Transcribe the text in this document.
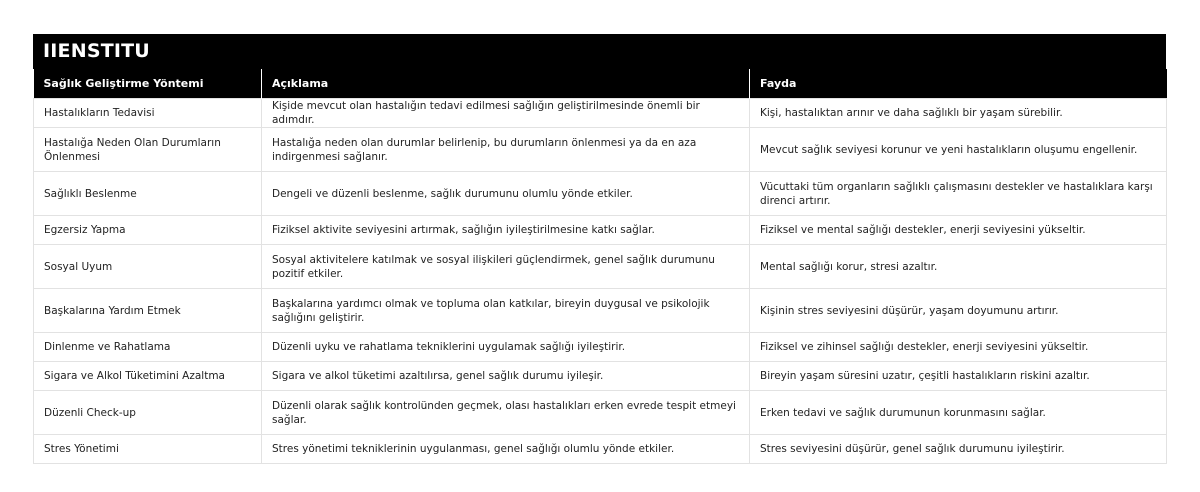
IIENSTITU
Sağlık Geliştirme Yöntemi	Açıklama	Fayda
Hastalıkların Tedavisi	Kişide mevcut olan hastalığın tedavi edilmesi sağlığın geliştirilmesinde önemli bir adımdır.	Kişi, hastalıktan arınır ve daha sağlıklı bir yaşam sürebilir.
Hastalığa Neden Olan Durumların Önlenmesi	Hastalığa neden olan durumlar belirlenip, bu durumların önlenmesi ya da en aza indirgenmesi sağlanır.	Mevcut sağlık seviyesi korunur ve yeni hastalıkların oluşumu engellenir.
Sağlıklı Beslenme	Dengeli ve düzenli beslenme, sağlık durumunu olumlu yönde etkiler.	Vücuttaki tüm organların sağlıklı çalışmasını destekler ve hastalıklara karşı direnci artırır.
Egzersiz Yapma	Fiziksel aktivite seviyesini artırmak, sağlığın iyileştirilmesine katkı sağlar.	Fiziksel ve mental sağlığı destekler, enerji seviyesini yükseltir.
Sosyal Uyum	Sosyal aktivitelere katılmak ve sosyal ilişkileri güçlendirmek, genel sağlık durumunu pozitif etkiler.	Mental sağlığı korur, stresi azaltır.
Başkalarına Yardım Etmek	Başkalarına yardımcı olmak ve topluma olan katkılar, bireyin duygusal ve psikolojik sağlığını geliştirir.	Kişinin stres seviyesini düşürür, yaşam doyumunu artırır.
Dinlenme ve Rahatlama	Düzenli uyku ve rahatlama tekniklerini uygulamak sağlığı iyileştirir.	Fiziksel ve zihinsel sağlığı destekler, enerji seviyesini yükseltir.
Sigara ve Alkol Tüketimini Azaltma	Sigara ve alkol tüketimi azaltılırsa, genel sağlık durumu iyileşir.	Bireyin yaşam süresini uzatır, çeşitli hastalıkların riskini azaltır.
Düzenli Check-up	Düzenli olarak sağlık kontrolünden geçmek, olası hastalıkları erken evrede tespit etmeyi sağlar.	Erken tedavi ve sağlık durumunun korunmasını sağlar.
Stres Yönetimi	Stres yönetimi tekniklerinin uygulanması, genel sağlığı olumlu yönde etkiler.	Stres seviyesini düşürür, genel sağlık durumunu iyileştirir.
